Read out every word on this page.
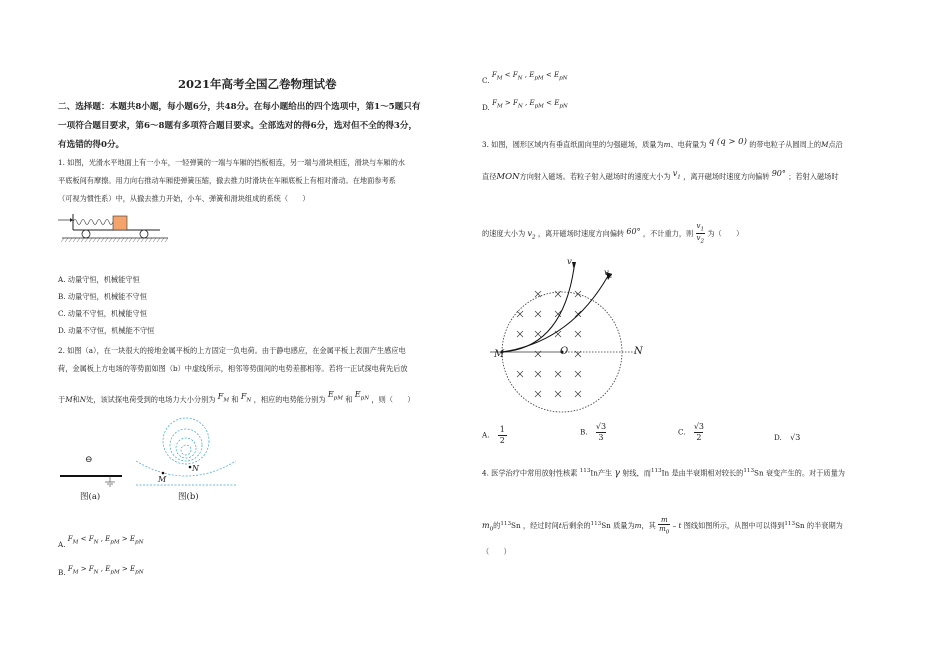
2021年高考全国乙卷物理试卷
二、选择题：本题共8小题，每小题6分，共48分。在每小题给出的四个选项中，第1～5题只有
一项符合题目要求，第6～8题有多项符合题目要求。全部选对的得6分，选对但不全的得3分，
有选错的得0分。
1. 如图，光滑水平地面上有一小车，一轻弹簧的一端与车厢的挡板相连，另一端与滑块相连，滑块与车厢的水
平底板间有摩擦。用力向右推动车厢使弹簧压缩，撤去推力时滑块在车厢底板上有相对滑动。在地面参考系
（可视为惯性系）中，从撤去推力开始，小车、弹簧和滑块组成的系统（　　）
A. 动量守恒，机械能守恒
B. 动量守恒，机械能不守恒
C. 动量不守恒，机械能守恒
D. 动量不守恒，机械能不守恒
2. 如图（a），在一块很大的接地金属平板的上方固定一负电荷。由于静电感应，在金属平板上表面产生感应电
荷，金属板上方电场的等势面如图（b）中虚线所示，相邻等势面间的电势差都相等。若将一正试探电荷先后放
于M和N处，该试探电荷受到的电场力大小分别为 $F_M$ 和 $F_N$ ，相应的电势能分别为 $E_{pM}$ 和 $E_{pN}$ ，则（　　）
⊖
图(a)
M
N
图(b)
A. $F_M < F_N$ , $E_{pM} > E_{pN}$
B. $F_M > F_N$ , $E_{pM} > E_{pN}$
C. $F_M < F_N$ , $E_{pM} < E_{pN}$
D. $F_M > F_N$ , $E_{pM} < E_{pN}$
3. 如图，圆形区域内有垂直纸面向里的匀强磁场，质量为m、电荷量为 q (q > 0) 的带电粒子从圆周上的M点沿
直径MON方向射入磁场。若粒子射入磁场时的速度大小为 $v_1$ ，离开磁场时速度方向偏转 90° ；若射入磁场时
的速度大小为 $v_2$ ，离开磁场时速度方向偏转 60° ，不计重力，则 $v_1$
$v_2$ 为（　　）
$v_1$
$v_2$
M	O	N
A. 1
2
B. √3
3
C. √3
2	D. √3
4. 医学治疗中常用放射性核素 $^{113}$In产生 γ 射线，而$^{113}$In 是由半衰期相对较长的$^{113}$Sn 衰变产生的。对于质量为
$m_0$的$^{113}$Sn ，经过时间t后剩余的$^{113}$Sn 质量为m，其 m
$m_0$ – t 图线如图所示，从图中可以得到$^{113}$Sn 的半衰期为
（　　）
